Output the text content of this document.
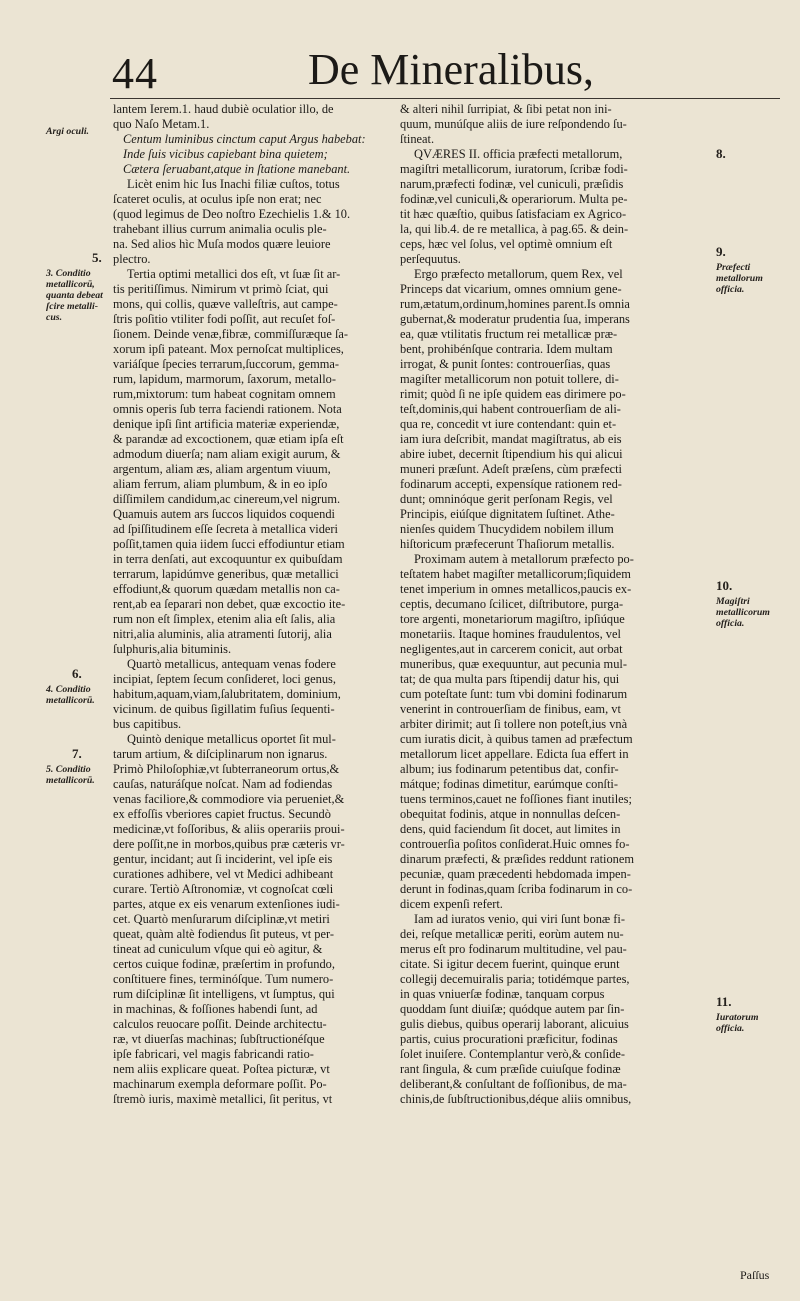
44	De Mineralibus,
lantem Ierem.1. haud dubiè oculatior illo, de
quo Naſo Metam.1.
Centum luminibus cinctum caput Argus habebat:
Inde ſuis vicibus capiebant bina quietem;
Cætera ſeruabant,atque in ſtatione manebant.
Licèt enim hic Ius Inachi filiæ cuſtos, totus
ſcateret oculis, at oculus ipſe non erat; nec
(quod legimus de Deo noſtro Ezechielis 1.& 10.
trahebant illius currum animalia oculis ple-
na. Sed alios hìc Muſa modos quære leuiore
plectro.
Tertia optimi metallici dos eſt, vt ſuæ ſit ar-
tis peritiſſimus. Nimirum vt primò ſciat, qui
mons, qui collis, quæve valleſtris, aut campe-
ſtris poſitio vtiliter fodi poſſit, aut recuſet foſ-
ſionem. Deinde venæ,fibræ, commiſſuræque ſa-
xorum ipſi pateant. Mox pernoſcat multiplices,
variáſque ſpecies terrarum,ſuccorum, gemma-
rum, lapidum, marmorum, ſaxorum, metallo-
rum,mixtorum: tum habeat cognitam omnem
omnis operis ſub terra faciendi rationem. Nota
denique ipſi ſint artificia materiæ experiendæ,
& parandæ ad excoctionem, quæ etiam ipſa eſt
admodum diuerſa; nam aliam exigit aurum, &
argentum, aliam æs, aliam argentum viuum,
aliam ferrum, aliam plumbum, & in eo ipſo
diſſimilem candidum,ac cinereum,vel nigrum.
Quamuis autem ars ſuccos liquidos coquendi
ad ſpiſſitudinem eſſe ſecreta à metallica videri
poſſit,tamen quia iidem ſucci effodiuntur etiam
in terra denſati, aut excoquuntur ex quibuſdam
terrarum, lapidúmve generibus, quæ metallici
effodiunt,& quorum quædam metallis non ca-
rent,ab ea ſeparari non debet, quæ excoctio ite-
rum non eſt ſimplex, etenim alia eſt ſalis, alia
nitri,alia aluminis, alia atramenti ſutorij, alia
ſulphuris,alia bituminis.
Quartò metallicus, antequam venas fodere
incipiat, ſeptem ſecum conſideret, loci genus,
habitum,aquam,viam,ſalubritatem, dominium,
vicinum. de quibus ſigillatim fuſius ſequenti-
bus capitibus.
Quintò denique metallicus oportet ſit mul-
tarum artium, & diſciplinarum non ignarus.
Primò Philoſophiæ,vt ſubterraneorum ortus,&
cauſas, naturáſque noſcat. Nam ad fodiendas
venas faciliore,& commodiore via perueniet,&
ex effoſſis vberiores capiet fructus. Secundò
medicinæ,vt foſſoribus, & aliis operariis proui-
dere poſſit,ne in morbos,quibus præ cæteris vr-
gentur, incidant; aut ſi inciderint, vel ipſe eis
curationes adhibere, vel vt Medici adhibeant
curare. Tertiò Aſtronomiæ, vt cognoſcat cœli
partes, atque ex eis venarum extenſiones iudi-
cet. Quartò menſurarum diſciplinæ,vt metiri
queat, quàm altè fodiendus ſit puteus, vt per-
tineat ad cuniculum vſque qui eò agitur, &
certos cuique fodinæ, præſertim in profundo,
conſtituere fines, terminóſque. Tum numero-
rum diſciplinæ ſit intelligens, vt ſumptus, qui
in machinas, & foſſiones habendi ſunt, ad
calculos reuocare poſſit. Deinde architectu-
ræ, vt diuerſas machinas; ſubſtructionéſque
ipſe fabricari, vel magis fabricandi ratio-
nem aliis explicare queat. Poſtea picturæ, vt
machinarum exempla deformare poſſit. Po-
ſtremò iuris, maximè metallici, ſit peritus, vt
& alteri nihil ſurripiat, & ſibi petat non ini-
quum, munúſque aliis de iure reſpondendo ſu-
ſtineat.
QVÆRES II. officia præfecti metallorum,
magiſtri metallicorum, iuratorum, ſcribæ fodi-
narum,præfecti fodinæ, vel cuniculi, præſidis
fodinæ,vel cuniculi,& operariorum. Multa pe-
tit hæc quæſtio, quibus ſatisfaciam ex Agrico-
la, qui lib.4. de re metallica, à pag.65. & dein-
ceps, hæc vel ſolus, vel optimè omnium eſt
perſequutus.
Ergo præfecto metallorum, quem Rex, vel
Princeps dat vicarium, omnes omnium gene-
rum,ætatum,ordinum,homines parent.Is omnia
gubernat,& moderatur prudentia ſua, imperans
ea, quæ vtilitatis fructum rei metallicæ præ-
bent, prohibénſque contraria. Idem multam
irrogat, & punit ſontes: controuerſias, quas
magiſter metallicorum non potuit tollere, di-
rimit; quòd ſi ne ipſe quidem eas dirimere po-
teſt,dominis,qui habent controuerſiam de ali-
qua re, concedit vt iure contendant: quin et-
iam iura deſcribit, mandat magiſtratus, ab eis
abire iubet, decernit ſtipendium his qui alicui
muneri præſunt. Adeſt præſens, cùm præfecti
fodinarum accepti, expensíque rationem red-
dunt; omninóque gerit perſonam Regis, vel
Principis, eiúſque dignitatem ſuſtinet. Athe-
nienſes quidem Thucydidem nobilem illum
hiſtoricum præfecerunt Thaſiorum metallis.
Proximam autem à metallorum præfecto po-
teſtatem habet magiſter metallicorum;ſiquidem
tenet imperium in omnes metallicos,paucis ex-
ceptis, decumano ſcilicet, diſtributore, purga-
tore argenti, monetariorum magiſtro, ipſiúque
monetariis. Itaque homines fraudulentos, vel
negligentes,aut in carcerem conicit, aut orbat
muneribus, quæ exequuntur, aut pecunia mul-
tat; de qua multa pars ſtipendij datur his, qui
cum poteſtate ſunt: tum vbi domini fodinarum
venerint in controuerſiam de finibus, eam, vt
arbiter dirimit; aut ſi tollere non poteſt,ius vnà
cum iuratis dicit, à quibus tamen ad præfectum
metallorum licet appellare. Edicta ſua effert in
album; ius fodinarum petentibus dat, confir-
mátque; fodinas dimetitur, earúmque conſti-
tuens terminos,cauet ne foſſiones fiant inutiles;
obequitat fodinis, atque in nonnullas deſcen-
dens, quid faciendum ſit docet, aut limites in
controuerſia poſitos conſiderat.Huic omnes fo-
dinarum præfecti, & præſides reddunt rationem
pecuniæ, quam præcedenti hebdomada impen-
derunt in fodinas,quam ſcriba fodinarum in co-
dicem expenſi refert.
Iam ad iuratos venio, qui viri ſunt bonæ fi-
dei, reſque metallicæ periti, eorùm autem nu-
merus eſt pro fodinarum multitudine, vel pau-
citate. Si igitur decem fuerint, quinque erunt
collegij decemuiralis paria; totidémque partes,
in quas vniuerſæ fodinæ, tanquam corpus
quoddam ſunt diuiſæ; quódque autem par ſin-
gulis diebus, quibus operarij laborant, alicuius
partis, cuius procurationi præficitur, fodinas
ſolet inuiſere. Contemplantur verò,& conſide-
rant ſingula, & cum præſide cuiuſque fodinæ
deliberant,& conſultant de foſſionibus, de ma-
chinis,de ſubſtructionibus,déque aliis omnibus,
Argi oculi.
5.
3. Conditio metallicorū, quanta debeat ſcire metalli-cus.
6.
4. Conditio metallicorū.
7.
5. Conditio metallicorū.
8.
9.
Præfecti metallorum officia.
10.
Magiſtri metallicorum officia.
11.
Iuratorum officia.
Paſſus
